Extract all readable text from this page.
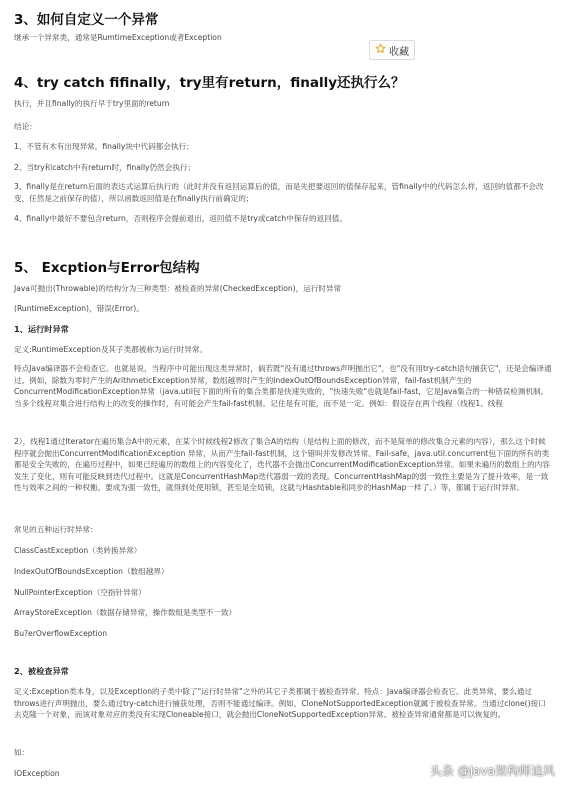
3、如何自定义一个异常
继承一个异常类，通常是RumtimeException或者Exception
收藏
4、try catch fifinally，try里有return，finally还执行么？
执行，并且finally的执行早于try里面的return
结论：
1、不管有木有出现异常，finally块中代码都会执行；
2、当try和catch中有return时，finally仍然会执行；
3、finally是在return后面的表达式运算后执行的（此时并没有返回运算后的值，而是先把要返回的值保存起来，管finally中的代码怎么样，返回的值都不会改变，任然是之前保存的值），所以函数返回值是在finally执行前确定的；
4、finally中最好不要包含return，否则程序会提前退出，返回值不是try或catch中保存的返回值。
5、 Excption与Error包结构
Java可抛出(Throwable)的结构分为三种类型：被检查的异常(CheckedException)，运行时异常
(RuntimeException)，错误(Error)。
1、运行时异常
定义:RuntimeException及其子类都被称为运行时异常。
特点Java编译器不会检查它。也就是说，当程序中可能出现这类异常时，倘若既"没有通过throws声明抛出它"，也"没有用try-catch语句捕获它"，还是会编译通过。例如，除数为零时产生的ArithmeticException异常，数组越界时产生的IndexOutOfBoundsException异常，fail-fast机制产生的ConcurrentModiﬁcationException异常（java.util包下面的所有的集合类都是快速失败的，"快速失败"也就是fail-fast，它是Java集合的一种错误检测机制。当多个线程对集合进行结构上的改变的操作时，有可能会产生fail-fast机制。记住是有可能，而不是一定。例如：假设存在两个线程（线程1、线程
2），线程1通过Iterator在遍历集合A中的元素，在某个时候线程2修改了集合A的结构（是结构上面的修改，而不是简单的修改集合元素的内容），那么这个时候程序就会抛出ConcurrentModiﬁcationException 异常，从而产生fail-fast机制，这个错叫并发修改异常。Fail-safe，java.util.concurrent包下面的所有的类都是安全失败的，在遍历过程中，如果已经遍历的数组上的内容变化了，迭代器不会抛出ConcurrentModiﬁcationException异常。如果未遍历的数组上的内容发生了变化，则有可能反映到迭代过程中。这就是ConcurrentHashMap迭代器弱一致的表现。ConcurrentHashMap的弱一致性主要是为了提升效率，是一致性与效率之间的一种权衡。要成为强一致性，就得到处使用锁，甚至是全局锁，这就与Hashtable和同步的HashMap一样了。）等，都属于运行时异常。
常见的五种运行时异常：
ClassCastException（类转换异常）
IndexOutOfBoundsException（数组越界）
NullPointerException（空指针异常）
ArrayStoreException（数据存储异常，操作数组是类型不一致）
Bu?erOverﬂowException
2、被检查异常
定义:Exception类本身，以及Exception的子类中除了"运行时异常"之外的其它子类都属于被检查异常。特点：Java编译器会检查它。此类异常，要么通过throws进行声明抛出，要么通过try-catch进行捕获处理，否则不能通过编译。例如，CloneNotSupportedException就属于被检查异常。当通过clone()接口去克隆一个对象，而该对象对应的类没有实现Cloneable接口，就会抛出CloneNotSupportedException异常。被检查异常通常都是可以恢复的。
如：
IOException	头条 @Java架构师追风
